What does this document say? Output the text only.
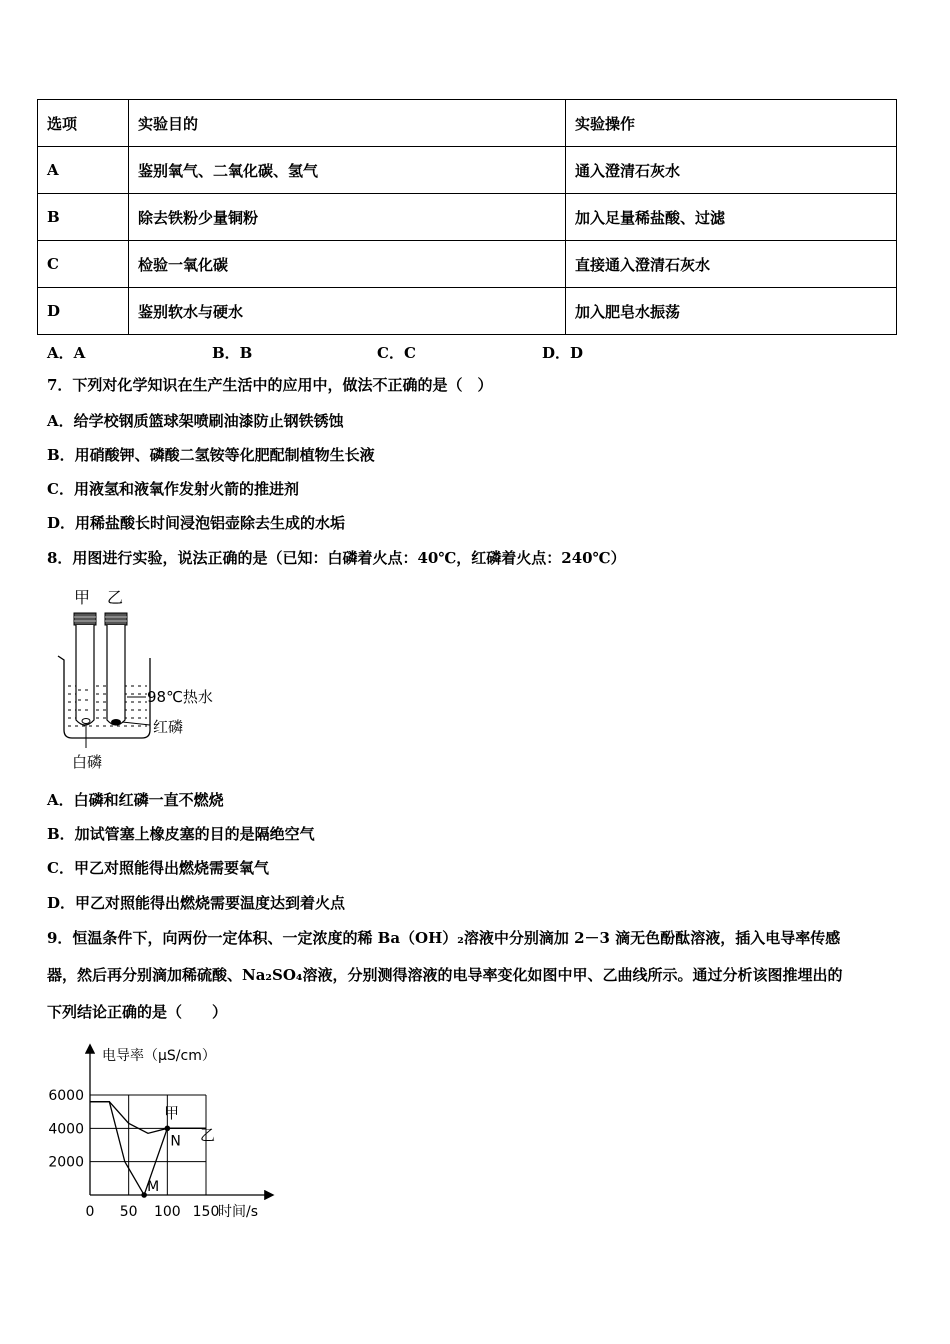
选项	实验目的	实验操作
A	鉴别氧气、二氧化碳、氢气	通入澄清石灰水
B	除去铁粉少量铜粉	加入足量稀盐酸、过滤
C	检验一氧化碳	直接通入澄清石灰水
D	鉴别软水与硬水	加入肥皂水振荡
A．A	B．B	C．C	D．D
7．下列对化学知识在生产生活中的应用中，做法不正确的是（　）
A．给学校钢质篮球架喷刷油漆防止钢铁锈蚀
B．用硝酸钾、磷酸二氢铵等化肥配制植物生长液
C．用液氢和液氧作发射火箭的推进剂
D．用稀盐酸长时间浸泡铝壶除去生成的水垢
8．用图进行实验，说法正确的是（已知：白磷着火点：40℃，红磷着火点：240℃）
甲 乙
98℃热水
红磷
白磷
A．白磷和红磷一直不燃烧
B．加试管塞上橡皮塞的目的是隔绝空气
C．甲乙对照能得出燃烧需要氧气
D．甲乙对照能得出燃烧需要温度达到着火点
9．恒温条件下，向两份一定体积、一定浓度的稀 Ba（OH）₂溶液中分别滴加 2－3 滴无色酚酞溶液，插入电导率传感
器，然后再分别滴加稀硫酸、Na₂SO₄溶液，分别测得溶液的电导率变化如图中甲、乙曲线所示。通过分析该图推埋出的
下列结论正确的是（　　）
电导率（μS/cm）
时间/s
6000
4000
2000
0 50 100 150
M
N
甲
乙
